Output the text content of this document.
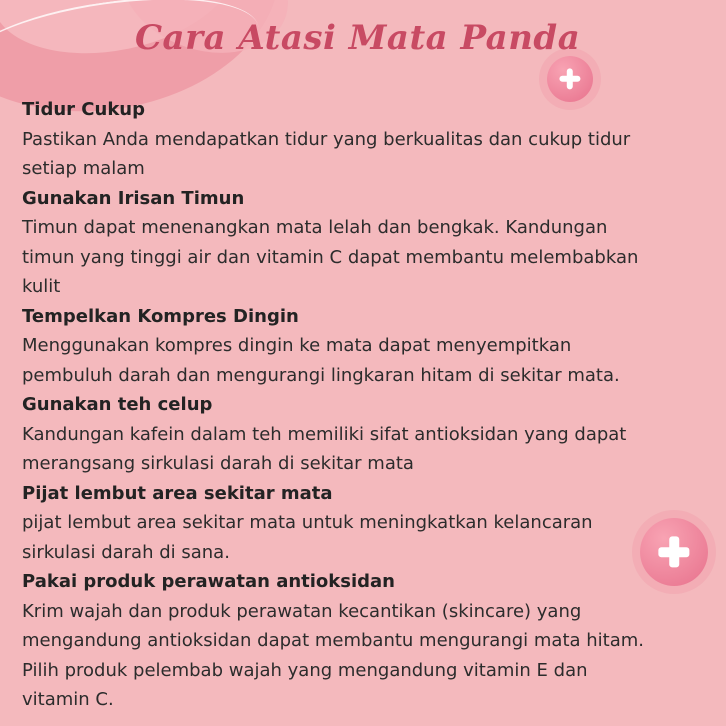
Cara Atasi Mata Panda
Tidur Cukup
Pastikan Anda mendapatkan tidur yang berkualitas dan cukup tidur
setiap malam
Gunakan Irisan Timun
Timun dapat menenangkan mata lelah dan bengkak. Kandungan
timun yang tinggi air dan vitamin C dapat membantu melembabkan
kulit
Tempelkan Kompres Dingin
Menggunakan kompres dingin ke mata dapat menyempitkan
pembuluh darah dan mengurangi lingkaran hitam di sekitar mata.
Gunakan teh celup
Kandungan kafein dalam teh memiliki sifat antioksidan yang dapat
merangsang sirkulasi darah di sekitar mata
Pijat lembut area sekitar mata
pijat lembut area sekitar mata untuk meningkatkan kelancaran
sirkulasi darah di sana.
Pakai produk perawatan antioksidan
Krim wajah dan produk perawatan kecantikan (skincare) yang
mengandung antioksidan dapat membantu mengurangi mata hitam.
Pilih produk pelembab wajah yang mengandung vitamin E dan
vitamin C.
